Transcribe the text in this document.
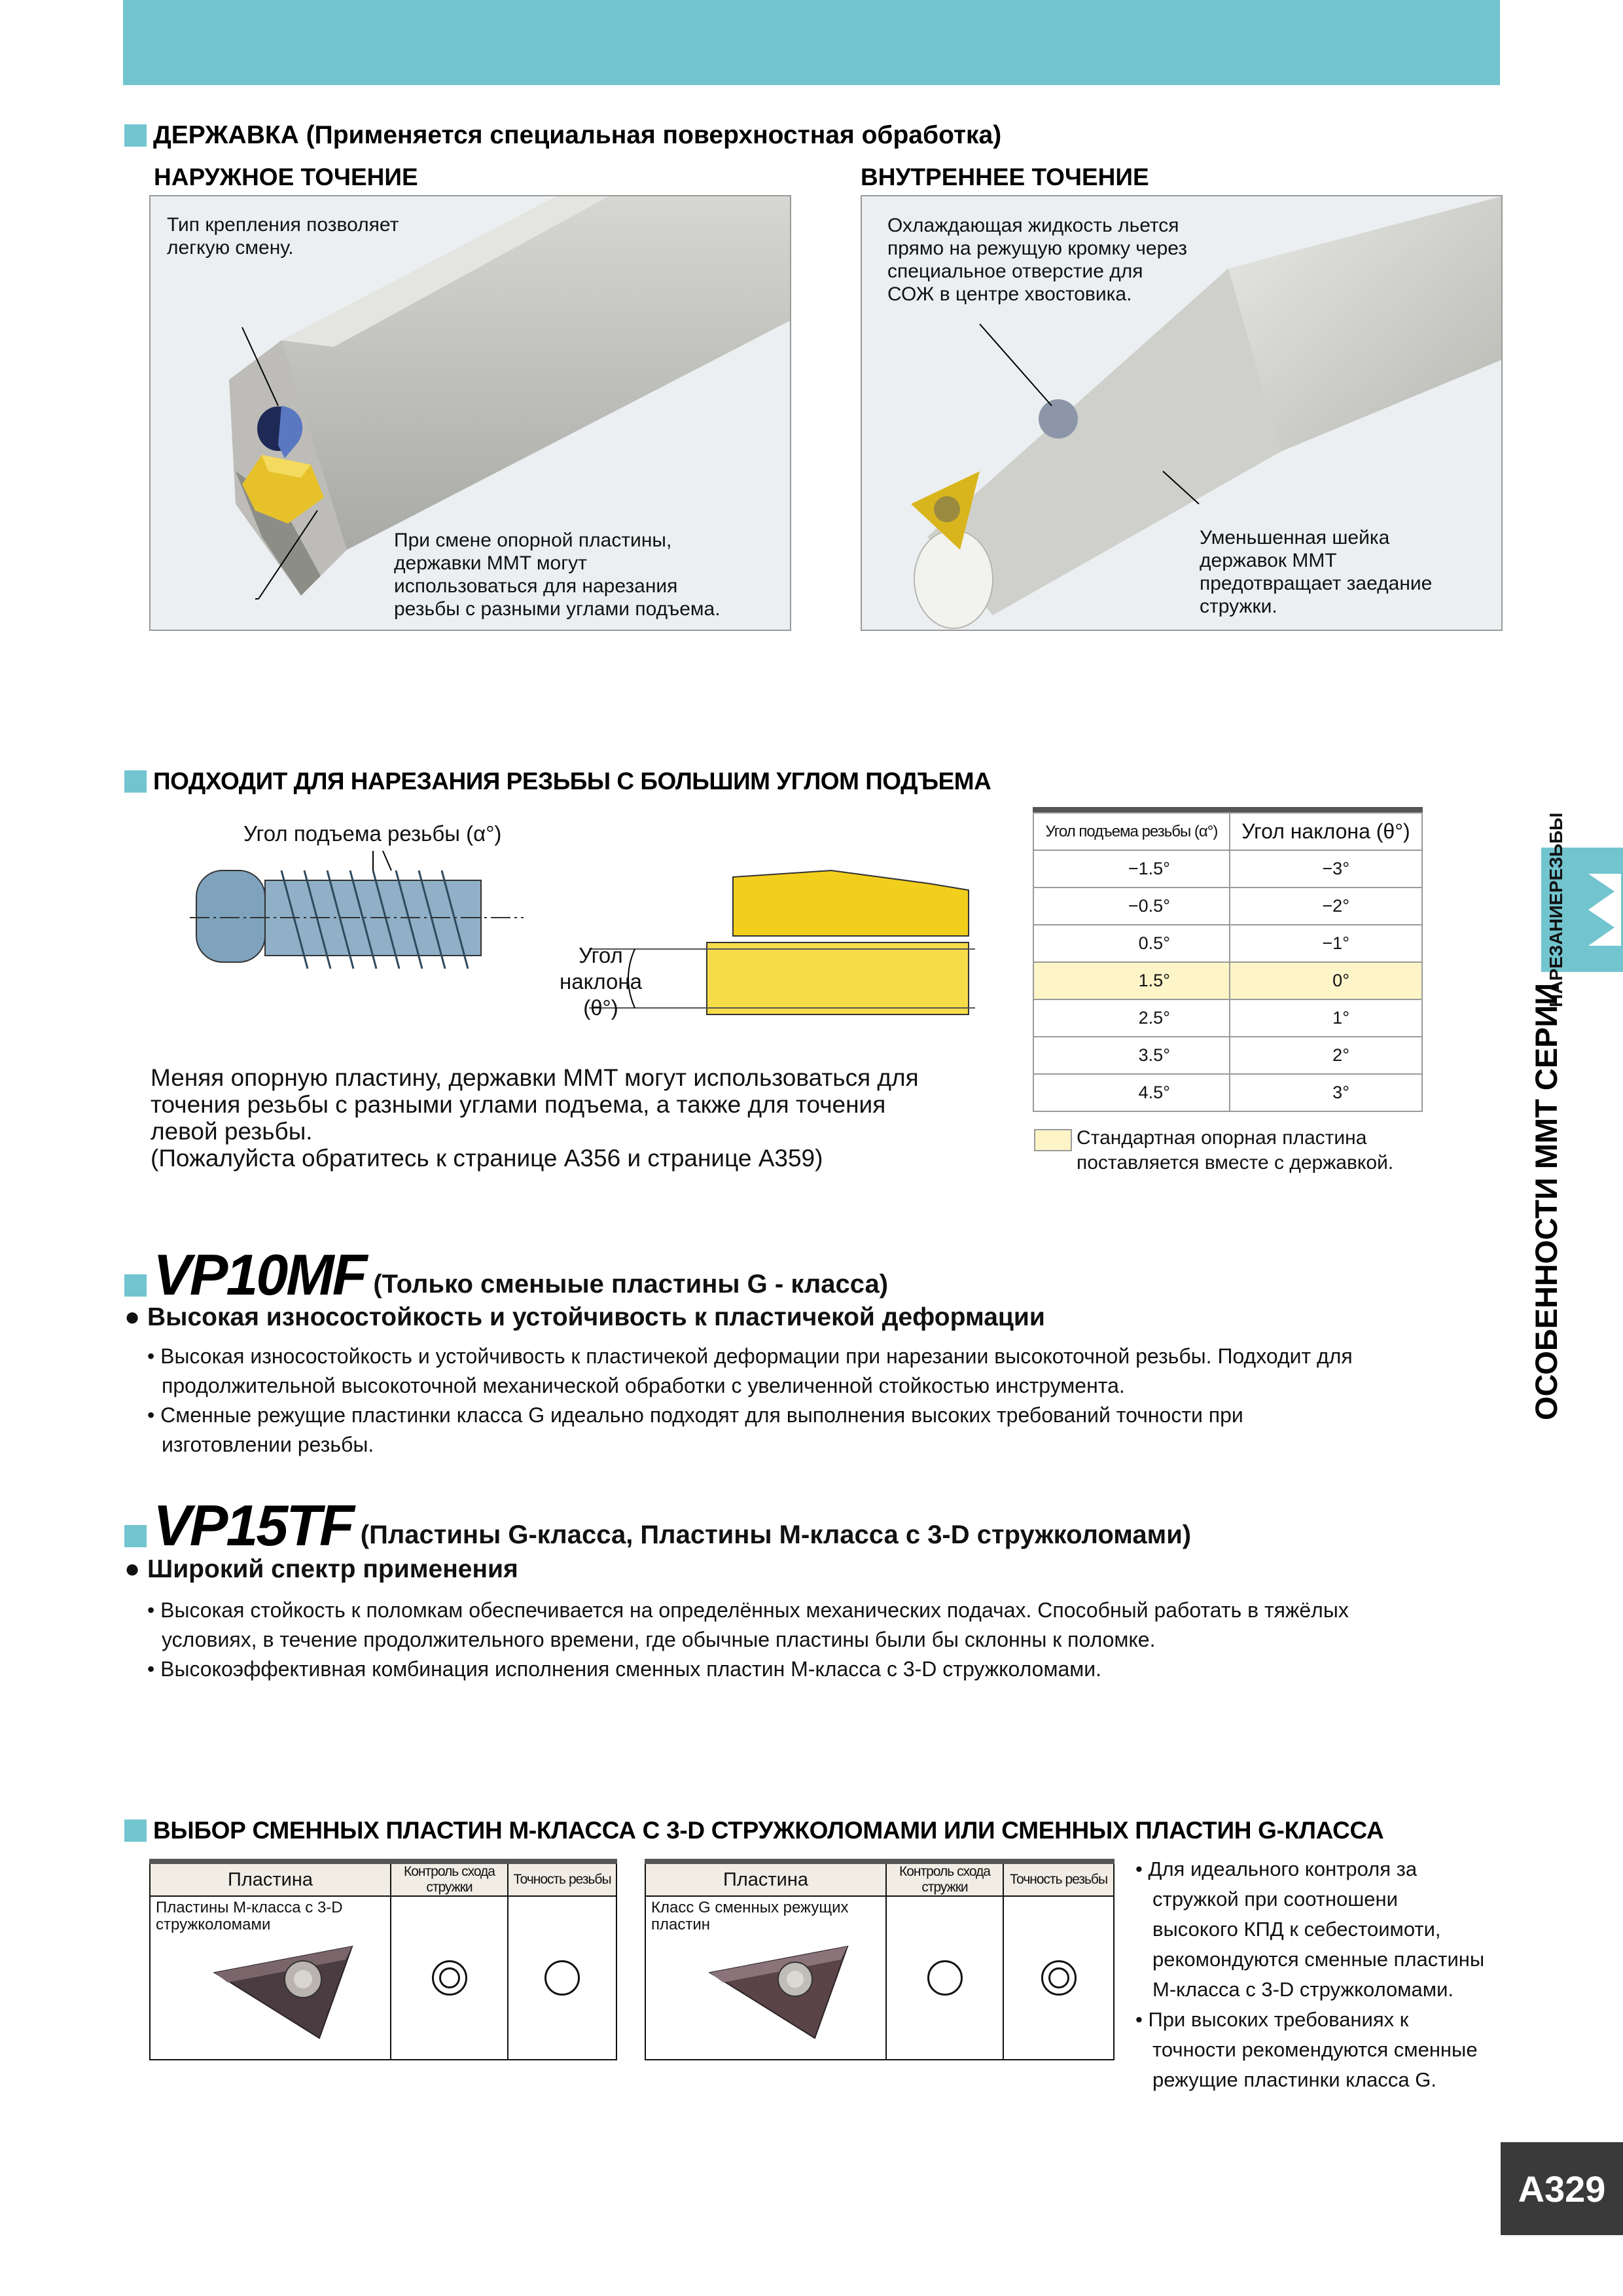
ДЕРЖАВКА (Применяется специальная поверхностная обработка)
НАРУЖНОЕ ТОЧЕНИЕ	ВНУТРЕННЕЕ ТОЧЕНИЕ
Тип крепления позволяет
легкую смену.
При смене опорной пластины,
державки MMT могут
использоваться для нарезания
резьбы с разными углами подъема.
Охлаждающая жидкость льется
прямо на режущую кромку через
специальное отверстие для
СОЖ в центре хвостовика.
Уменьшенная шейка
державок MMT
предотвращает заедание
стружки.
ПОДХОДИТ ДЛЯ НАРЕЗАНИЯ РЕЗЬБЫ С БОЛЬШИМ УГЛОМ ПОДЪЕМА
Угол подъема резьбы (α°)
Угол
наклона
(θ°)
Меняя опорную пластину, державки MMT могут использоваться для
точения резьбы с разными углами подъема, а также для точения
левой резьбы.
(Пожалуйста обратитесь к странице A356 и странице A359)
Угол подъема резьбы (α°)	Угол наклона (θ°)
−1.5°	−3°
−0.5°	−2°
0.5°	−1°
1.5°	0°
2.5°	1°
3.5°	2°
4.5°	3°
Стандартная опорная пластина
поставляется вместе с державкой.
VP10MF (Только сменыые пластины G - класса)
● Высокая износостойкость и устойчивость к пластичекой деформации
• Высокая износостойкость и устойчивость к пластичекой деформации при нарезании высокоточной резьбы. Подходит для
продолжительной высокоточной механической обработки с увеличенной стойкостью инструмента.
• Сменные режущие пластинки класса G идеально подходят для выполнения высоких требований точности при
изготовлении резьбы.
VP15TF (Пластины G-класса, Пластины M-класса с 3-D стружколомами)
● Широкий спектр применения
• Высокая стойкость к поломкам обеспечивается на определённых механических подачах. Способный работать в тяжёлых
условиях, в течение продолжительного времени, где обычные пластины были бы склонны к поломке.
• Высокоэффективная комбинация исполнения сменных пластин M-класса с 3-D стружколомами.
ВЫБОР СМЕННЫХ ПЛАСТИН M-КЛАССА С 3-D СТРУЖКОЛОМАМИ ИЛИ СМЕННЫХ ПЛАСТИН G-КЛАССА
Пластина	Контроль схода стружки	Точность резьбы

Пластины M-класса с 3-D
стружколомами		

Пластина	Контроль схода стружки	Точность резьбы

Класс G сменных режущих
пластин		

• Для идеального контроля за
стружкой при соотношени
высокого КПД к себестоимоти,
рекомондуются сменные пластины
M-класса с 3-D стружколомами.
• При высоких требованиях к
точности рекомендуются сменные
режущие пластинки класса G.
НАРЕЗАНИЕ
РЕЗЬБЫ
ОСОБЕННОСТИ MMT СЕРИИ
A329
